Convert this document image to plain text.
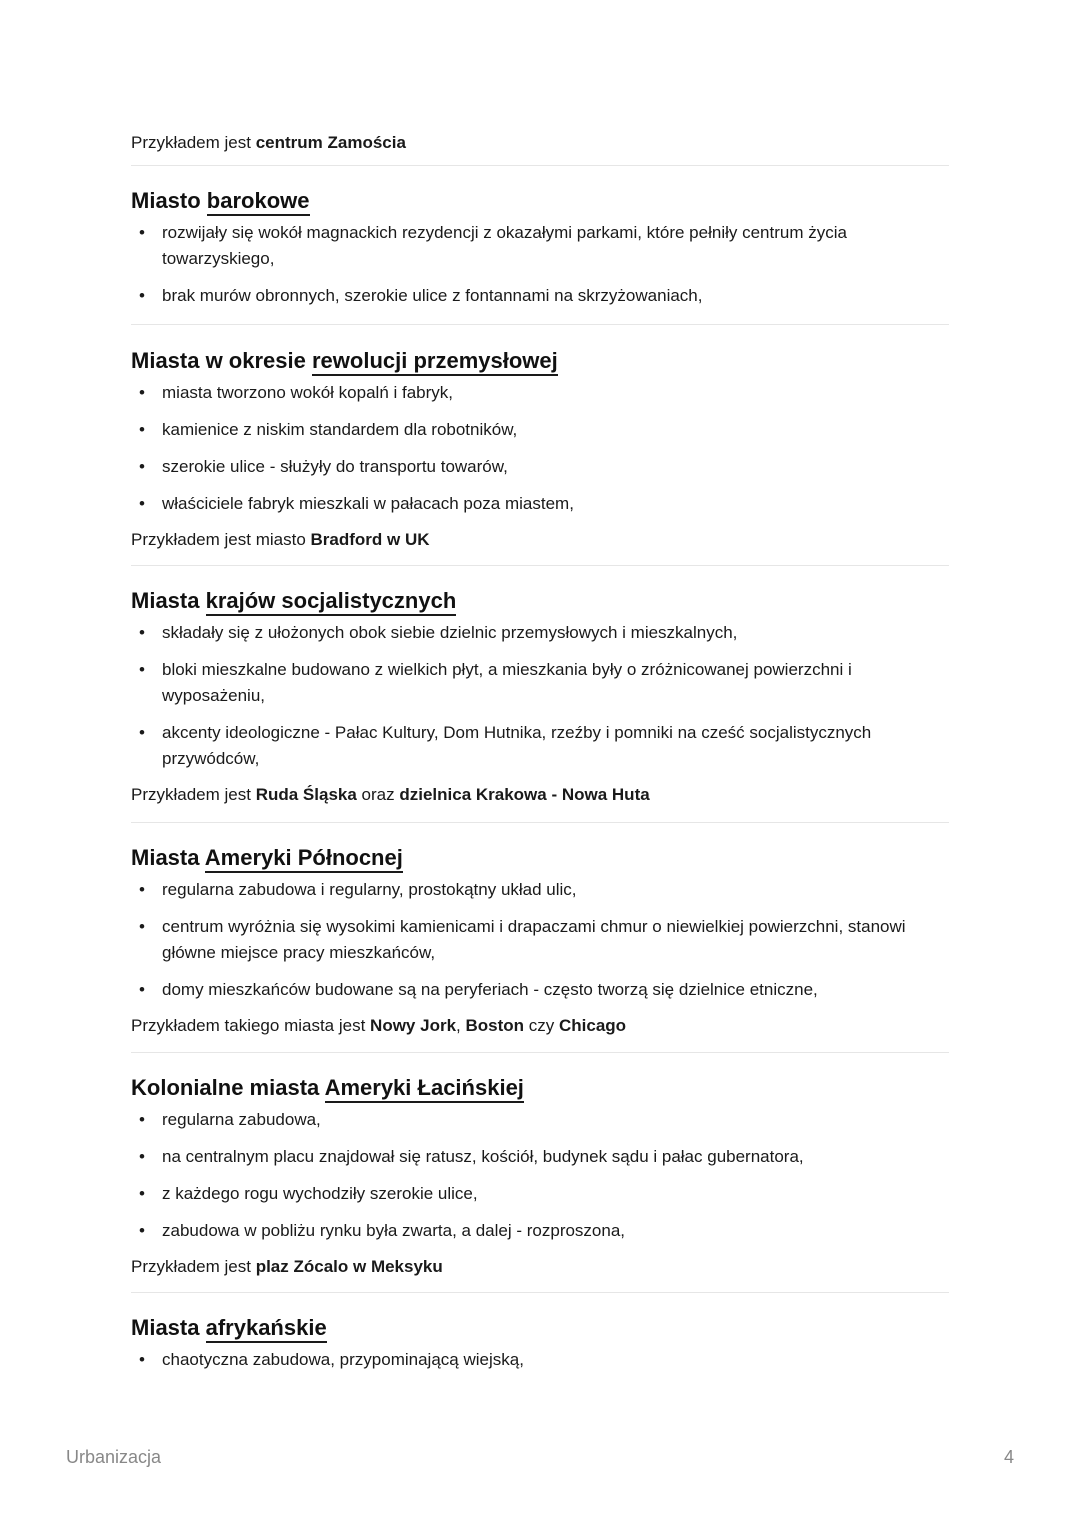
Przykładem jest centrum Zamościa
Miasto barokowe
• rozwijały się wokół magnackich rezydencji z okazałymi parkami, które pełniły centrum życia towarzyskiego,
• brak murów obronnych, szerokie ulice z fontannami na skrzyżowaniach,
Miasta w okresie rewolucji przemysłowej
• miasta tworzono wokół kopalń i fabryk,
• kamienice z niskim standardem dla robotników,
• szerokie ulice - służyły do transportu towarów,
• właściciele fabryk mieszkali w pałacach poza miastem,
Przykładem jest miasto Bradford w UK
Miasta krajów socjalistycznych
• składały się z ułożonych obok siebie dzielnic przemysłowych i mieszkalnych,
• bloki mieszkalne budowano z wielkich płyt, a mieszkania były o zróżnicowanej powierzchni i wyposażeniu,
• akcenty ideologiczne - Pałac Kultury, Dom Hutnika, rzeźby i pomniki na cześć socjalistycznych przywódców,
Przykładem jest Ruda Śląska oraz dzielnica Krakowa - Nowa Huta
Miasta Ameryki Północnej
• regularna zabudowa i regularny, prostokątny układ ulic,
• centrum wyróżnia się wysokimi kamienicami i drapaczami chmur o niewielkiej powierzchni, stanowi główne miejsce pracy mieszkańców,
• domy mieszkańców budowane są na peryferiach - często tworzą się dzielnice etniczne,
Przykładem takiego miasta jest Nowy Jork, Boston czy Chicago
Kolonialne miasta Ameryki Łacińskiej
• regularna zabudowa,
• na centralnym placu znajdował się ratusz, kościół, budynek sądu i pałac gubernatora,
• z każdego rogu wychodziły szerokie ulice,
• zabudowa w pobliżu rynku była zwarta, a dalej - rozproszona,
Przykładem jest plaz Zócalo w Meksyku
Miasta afrykańskie
• chaotyczna zabudowa, przypominającą wiejską,
Urbanizacja	4
